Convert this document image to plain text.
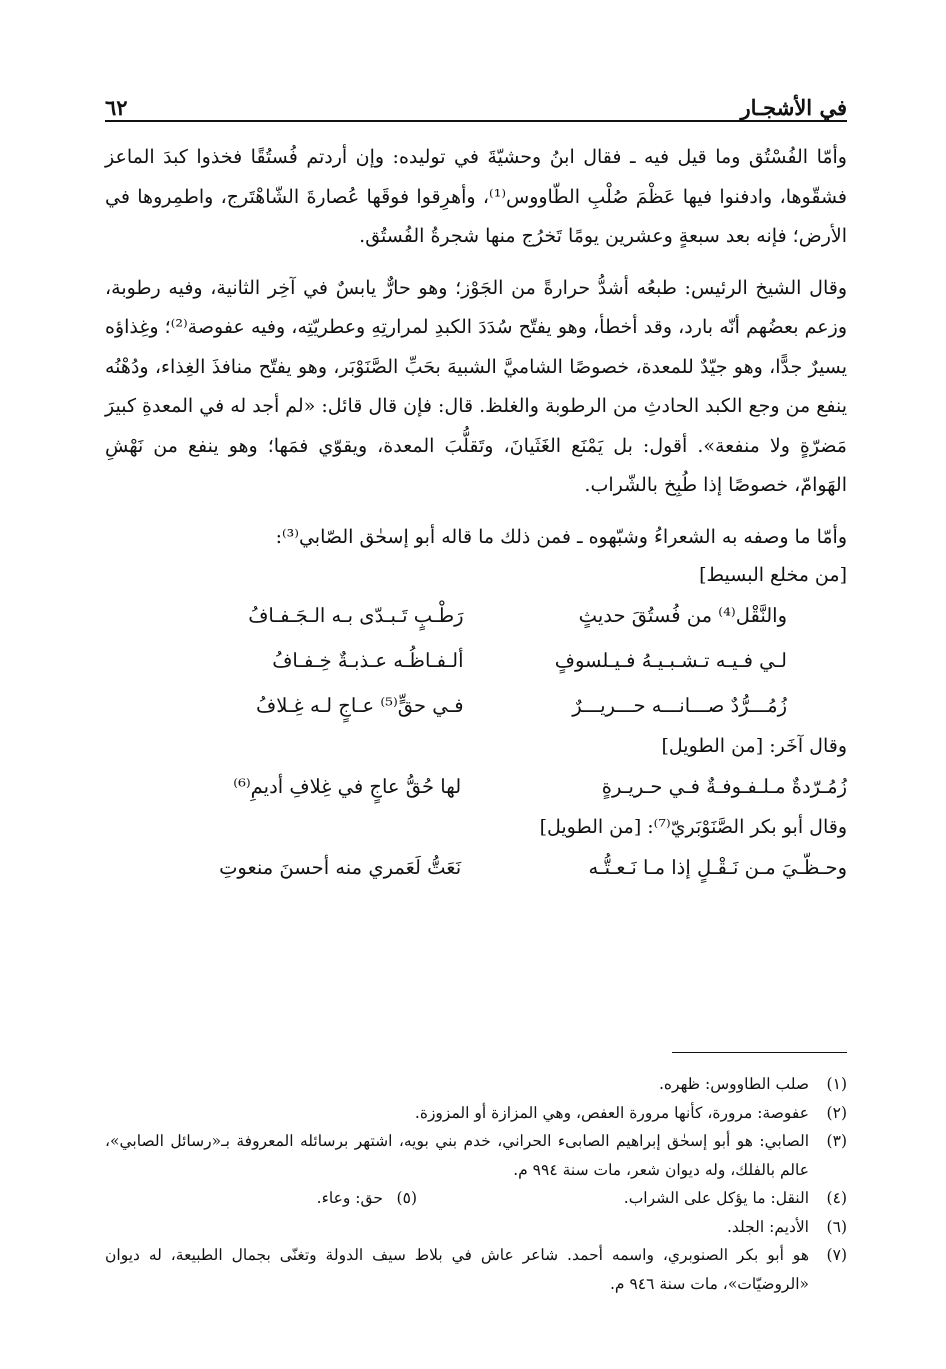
في الأشجـار
٦٢

وأمّا الفُسْتُق وما قيل فيه ـ فقال ابنُ وحشيّةَ في توليده: وإن أردتم فُستُقًا فخذوا كبدَ الماعز فشقّوها، وادفنوا فيها عَظْمَ صُلْبِ الطّاووس⁽¹⁾، وأهرِقوا فوقَها عُصارةَ الشّاهْتَرج، واطمِروها في الأرض؛ فإنه بعد سبعةٍ وعشرين يومًا تَخرُج منها شجرةُ الفُستُق.

وقال الشيخ الرئيس: طبعُه أشدُّ حرارةً من الجَوْز؛ وهو حارٌّ يابسٌ في آخِر الثانية، وفيه رطوبة، وزعم بعضُهم أنّه بارد، وقد أخطأ، وهو يفتّح سُدَدَ الكبدِ لمرارتِهِ وعطريّتِه، وفيه عفوصة⁽²⁾؛ وغِذاؤه يسيرٌ جدًّا، وهو جيّدٌ للمعدة، خصوصًا الشاميَّ الشبيهَ بحَبِّ الصَّنَوْبَر، وهو يفتّح منافذَ الغِذاء، ودُهْنُه ينفع من وجع الكبد الحادثِ من الرطوبة والغلظ. قال: فإن قال قائل: «لم أجد له في المعدةِ كبيرَ مَضرّةٍ ولا منفعة». أقول: بل يَمْنَع الغَثَيانَ، وتَقلُّبَ المعدة، ويقوّي فمَها؛ وهو ينفع من نَهْشِ الهَوامّ، خصوصًا إذا طُبِخ بالشّراب.

وأمّا ما وصفه به الشعراءُ وشبّهوه ـ فمن ذلك ما قاله أبو إسحٰق الصّابي⁽³⁾:

[من مخلع البسيط]
والنَّقْل⁽⁴⁾ من فُستُقَ حديثٍ
رَطْـبٍ تَـبـدّى بـه الـجَـفـافُ
لـي فـيـه تـشـبـيـهُ فـيـلسوفٍ
ألـفـاظُـه عـذبـةٌ خِـفـافُ
زُمُـــرُّدٌ صـــانـــه حـــريـــرٌ
فـي حقٍّ⁽⁵⁾ عـاجٍ لـه غِـلافُ
وقال آخَر: [من الطويل]
زُمُـرّدةٌ مـلـفـوفـةٌ فـي حـريـرةٍ
لها حُقُّ عاجٍ في غِلافِ أديمِ⁽⁶⁾
وقال أبو بكر الصَّنَوْبَريّ⁽⁷⁾: [من الطويل]
وحـظّـيَ مـن نَـقْـلٍ إذا مـا نَـعـتُّـه
نَعَتُّ لَعَمري منه أحسنَ منعوتِ
(١)
صلب الطاووس: ظهره.
(٢)
عفوصة: مرورة، كأنها مرورة العفص، وهي المزازة أو المزوزة.
(٣)
الصابي: هو أبو إسحٰق إبراهيم الصابىء الحراني، خدم بني بويه، اشتهر برسائله المعروفة بـ«رسائل الصابي»، عالم بالفلك، وله ديوان شعر، مات سنة ٩٩٤ م.
(٤)
النقل: ما يؤكل على الشراب.
(٥)
حق: وعاء.
(٦)
الأديم: الجلد.
(٧)
هو أبو بكر الصنوبري، واسمه أحمد. شاعر عاش في بلاط سيف الدولة وتغنّى بجمال الطبيعة، له ديوان «الروضيّات»، مات سنة ٩٤٦ م.
